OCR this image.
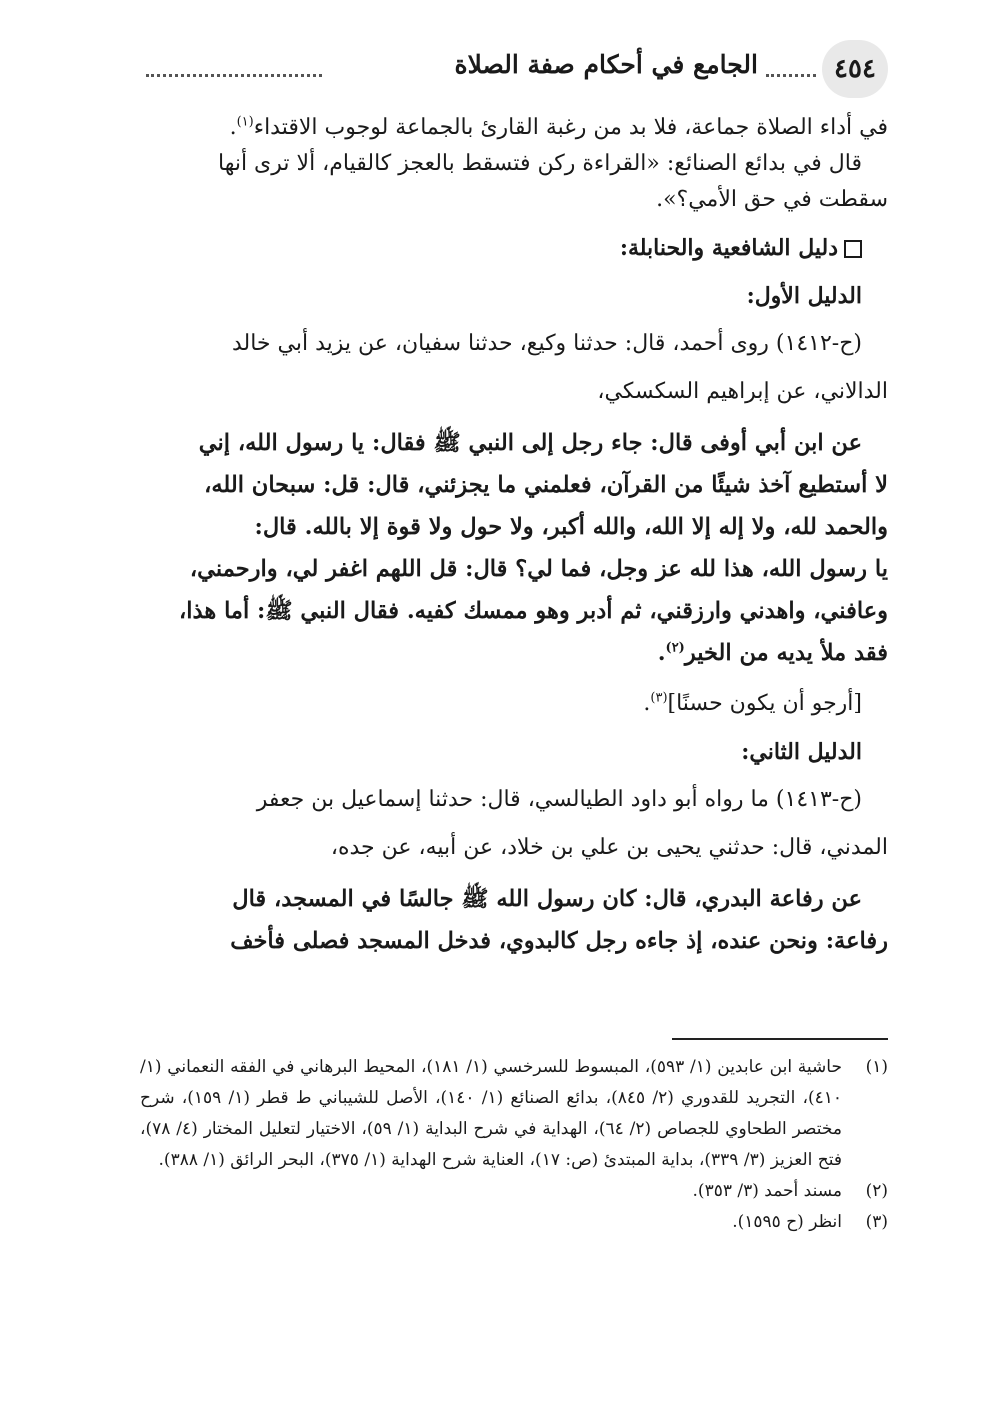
٤٥٤
الجامع في أحكام صفة الصلاة

في أداء الصلاة جماعة، فلا بد من رغبة القارئ بالجماعة لوجوب الاقتداء$^{(١)}$.

قال في بدائع الصنائع: «القراءة ركن فتسقط بالعجز كالقيام، ألا ترى أنها

سقطت في حق الأمي؟».

دليل الشافعية والحنابلة:

الدليل الأول:

(ح-١٤١٢) روى أحمد، قال: حدثنا وكيع، حدثنا سفيان، عن يزيد أبي خالد

الدالاني، عن إبراهيم السكسكي،

عن ابن أبي أوفى قال: جاء رجل إلى النبي ﷺ فقال: يا رسول الله، إني

لا أستطيع آخذ شيئًا من القرآن، فعلمني ما يجزئني، قال: قل: سبحان الله،

والحمد لله، ولا إله إلا الله، والله أكبر، ولا حول ولا قوة إلا بالله. قال:

يا رسول الله، هذا لله عز وجل، فما لي؟ قال: قل اللهم اغفر لي، وارحمني،

وعافني، واهدني وارزقني، ثم أدبر وهو ممسك كفيه. فقال النبي ﷺ: أما هذا،

فقد ملأ يديه من الخير$^{(٢)}$.

[أرجو أن يكون حسنًا]$^{(٣)}$.

الدليل الثاني:

(ح-١٤١٣) ما رواه أبو داود الطيالسي، قال: حدثنا إسماعيل بن جعفر

المدني، قال: حدثني يحيى بن علي بن خلاد، عن أبيه، عن جده،

عن رفاعة البدري، قال: كان رسول الله ﷺ جالسًا في المسجد، قال

رفاعة: ونحن عنده، إذ جاءه رجل كالبدوي، فدخل المسجد فصلى فأخف

(١)
حاشية ابن عابدين (١/ ٥٩٣)، المبسوط للسرخسي (١/ ١٨١)، المحيط البرهاني في الفقه النعماني (١/ ٤١٠)، التجريد للقدوري (٢/ ٨٤٥)، بدائع الصنائع (١/ ١٤٠)، الأصل للشيباني ط قطر (١/ ١٥٩)، شرح مختصر الطحاوي للجصاص (٢/ ٦٤)، الهداية في شرح البداية (١/ ٥٩)، الاختيار لتعليل المختار (٤/ ٧٨)، فتح العزيز (٣/ ٣٣٩)، بداية المبتدئ (ص: ١٧)، العناية شرح الهداية (١/ ٣٧٥)، البحر الرائق (١/ ٣٨٨).
(٢)
مسند أحمد (٣/ ٣٥٣).
(٣)
انظر (ح ١٥٩٥).
